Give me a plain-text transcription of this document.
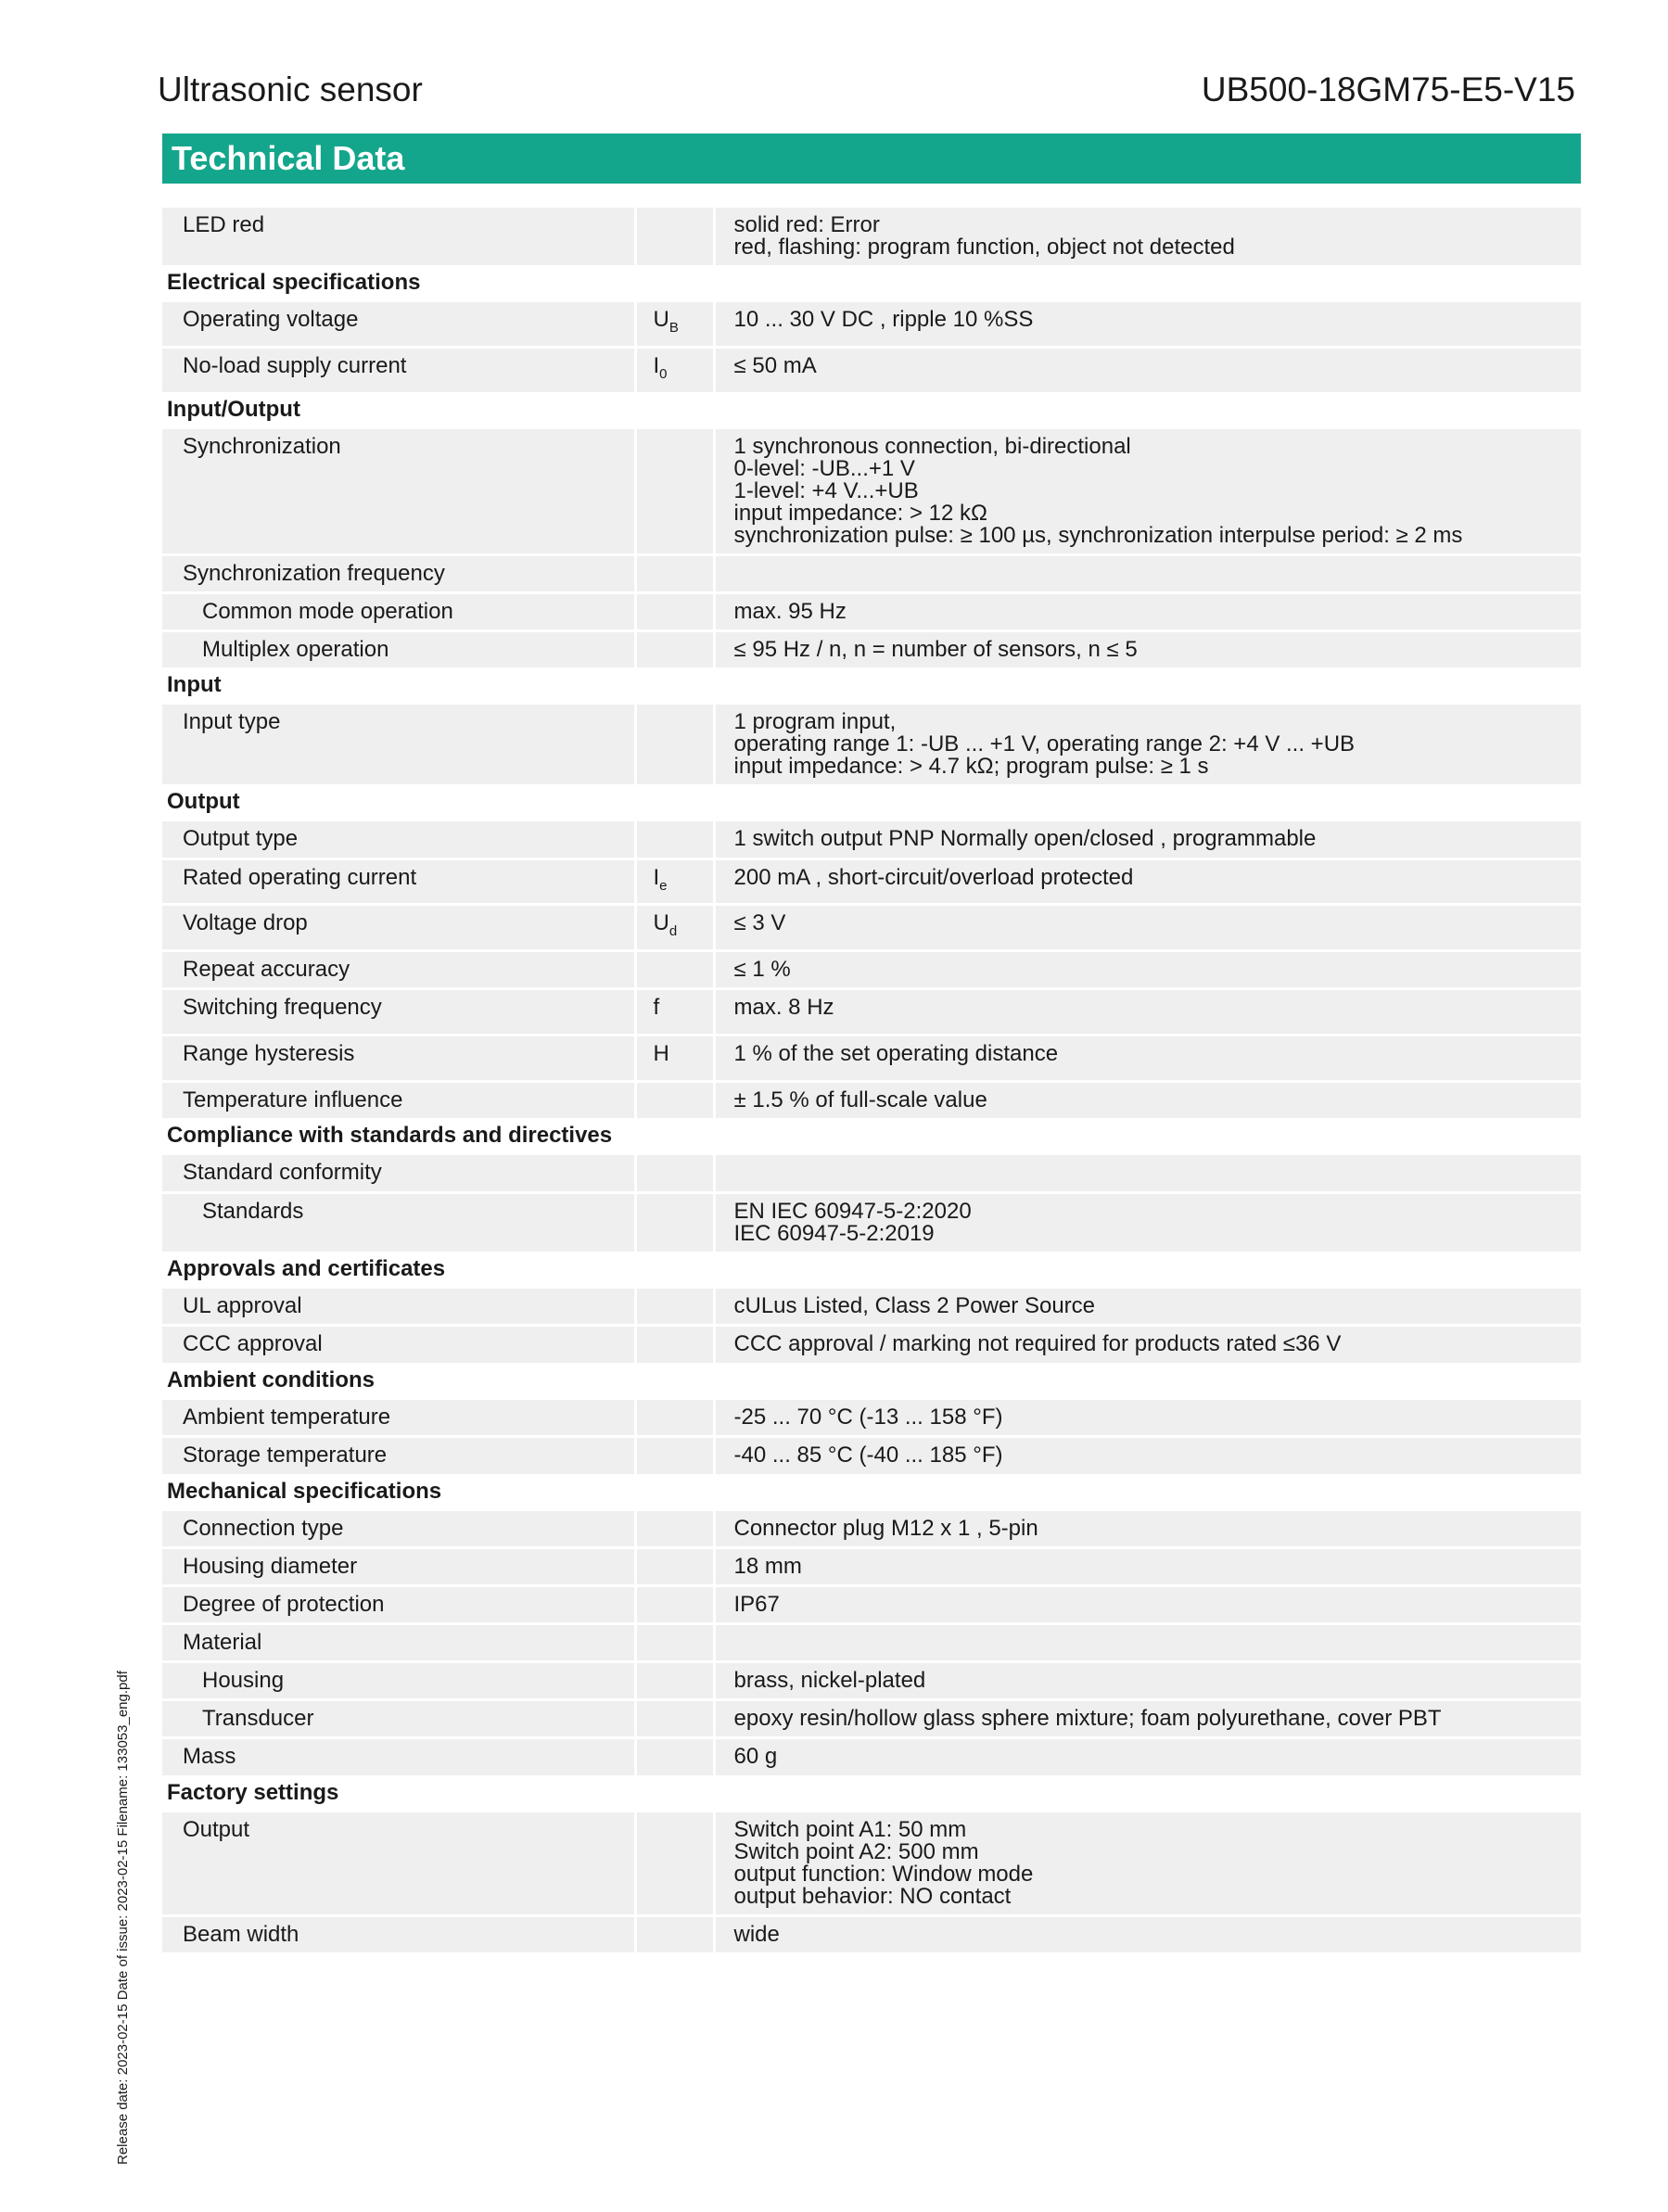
Ultrasonic sensor	UB500-18GM75-E5-V15
Technical Data
LED red		solid red: Error
red, flashing: program function, object not detected

Electrical specifications		
Operating voltage	$U_B$	10 ... 30 V DC , ripple 10 %SS

No-load supply current	$I_0$	≤ 50 mA

Input/Output		
Synchronization		1 synchronous connection, bi-directional
0-level: -UB...+1 V
1-level: +4 V...+UB
input impedance: > 12 kΩ
synchronization pulse: ≥ 100 µs, synchronization interpulse period: ≥ 2 ms

Synchronization frequency		

Common mode operation		max. 95 Hz

Multiplex operation		≤ 95 Hz / n, n = number of sensors, n ≤ 5

Input		
Input type		1 program input,
operating range 1: -UB ... +1 V, operating range 2: +4 V ... +UB
input impedance: > 4.7 kΩ; program pulse: ≥ 1 s

Output		
Output type		1 switch output PNP Normally open/closed , programmable

Rated operating current	$I_e$	200 mA , short-circuit/overload protected

Voltage drop	$U_d$	≤ 3 V

Repeat accuracy		≤ 1 %

Switching frequency	f	max. 8 Hz

Range hysteresis	H	1 % of the set operating distance

Temperature influence		± 1.5 % of full-scale value

Compliance with standards and directives		
Standard conformity		

Standards		EN IEC 60947-5-2:2020
IEC 60947-5-2:2019

Approvals and certificates		
UL approval		cULus Listed, Class 2 Power Source

CCC approval		CCC approval / marking not required for products rated ≤36 V

Ambient conditions		
Ambient temperature		-25 ... 70 °C (-13 ... 158 °F)

Storage temperature		-40 ... 85 °C (-40 ... 185 °F)

Mechanical specifications		
Connection type		Connector plug M12 x 1 , 5-pin

Housing diameter		18 mm

Degree of protection		IP67

Material		

Housing		brass, nickel-plated

Transducer		epoxy resin/hollow glass sphere mixture; foam polyurethane, cover PBT

Mass		60 g

Factory settings		
Output		Switch point A1: 50 mm
Switch point A2: 500 mm
output function: Window mode
output behavior: NO contact

Beam width		wide
Release date: 2023-02-15 Date of issue: 2023-02-15 Filename: 133053_eng.pdf
